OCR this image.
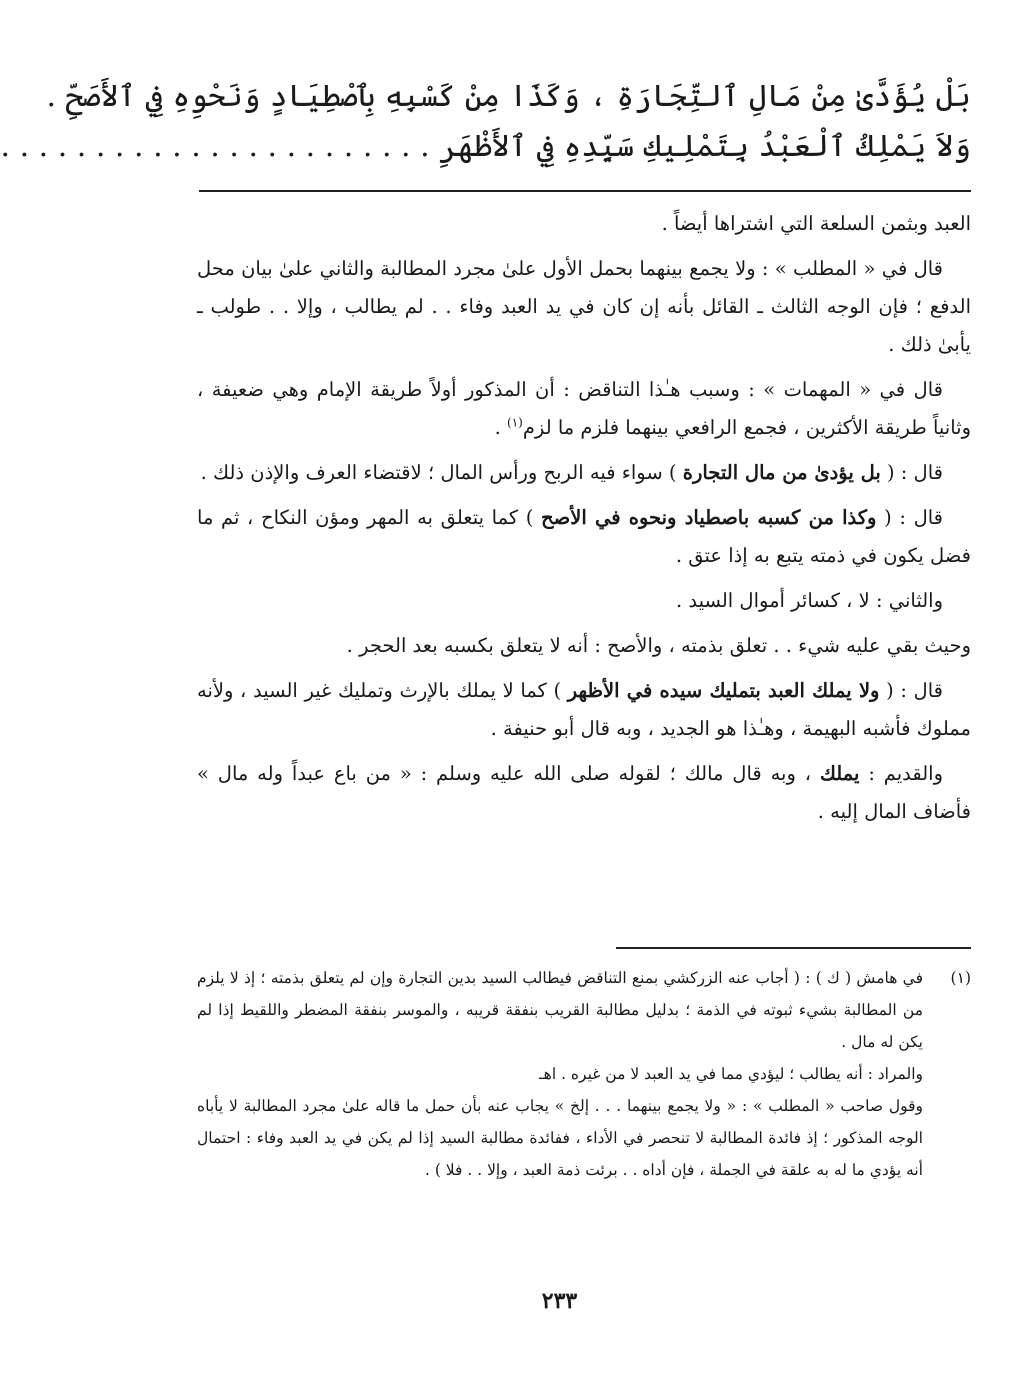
بَلْ يُؤَدَّىٰ مِنْ مَالِ ٱلتِّجَارَةِ ، وَكَذَا مِنْ كَسْبِهِ بِٱصْطِيَادٍ وَنَحْوِهِ فِي ٱلأَصَحِّ .
وَلاَ يَمْلِكُ ٱلْعَبْدُ بِتَمْلِيكِ سَيِّدِهِ فِي ٱلأَظْهَرِ . . . . . . . . . . . . . . . . . . . . . . .

العبد وبثمن السلعة التي اشتراها أيضاً .

قال في « المطلب » : ولا يجمع بينهما بحمل الأول علىٰ مجرد المطالبة والثاني علىٰ بيان محل الدفع ؛ فإن الوجه الثالث ـ القائل بأنه إن كان في يد العبد وفاء . . لم يطالب ، وإلا . . طولب ـ يأبىٰ ذلك .

قال في « المهمات » : وسبب هـٰذا التناقض : أن المذكور أولاً طريقة الإمام وهي ضعيفة ، وثانياً طريقة الأكثرين ، فجمع الرافعي بينهما فلزم ما لزم$^{(١)}$ .

قال : ( بل يؤدىٰ من مال التجارة ) سواء فيه الربح ورأس المال ؛ لاقتضاء العرف والإذن ذلك .

قال : ( وكذا من كسبه باصطياد ونحوه في الأصح ) كما يتعلق به المهر ومؤن النكاح ، ثم ما فضل يكون في ذمته يتبع به إذا عتق .

والثاني : لا ، كسائر أموال السيد .

وحيث بقي عليه شيء . . تعلق بذمته ، والأصح : أنه لا يتعلق بكسبه بعد الحجر .

قال : ( ولا يملك العبد بتمليك سيده في الأظهر ) كما لا يملك بالإرث وتمليك غير السيد ، ولأنه مملوك فأشبه البهيمة ، وهـٰذا هو الجديد ، وبه قال أبو حنيفة .

والقديم : يملك ، وبه قال مالك ؛ لقوله صلى الله عليه وسلم : « من باع عبداً وله مال » فأضاف المال إليه .

(١)

في هامش ( ك ) : ( أجاب عنه الزركشي بمنع التناقض فيطالب السيد بدين التجارة وإن لم يتعلق بذمته ؛ إذ لا يلزم من المطالبة بشيء ثبوته في الذمة ؛ بدليل مطالبة القريب بنفقة قريبه ، والموسر بنفقة المضطر واللقيط إذا لم يكن له مال .

والمراد : أنه يطالب ؛ ليؤدي مما في يد العبد لا من غيره . اهـ

وقول صاحب « المطلب » : « ولا يجمع بينهما . . . إلخ » يجاب عنه بأن حمل ما قاله علىٰ مجرد المطالبة لا يأباه الوجه المذكور ؛ إذ فائدة المطالبة لا تنحصر في الأداء ، ففائدة مطالبة السيد إذا لم يكن في يد العبد وفاء : احتمال أنه يؤدي ما له به علقة في الجملة ، فإن أداه . . برئت ذمة العبد ، وإلا . . فلا ) .

٢٣٣
